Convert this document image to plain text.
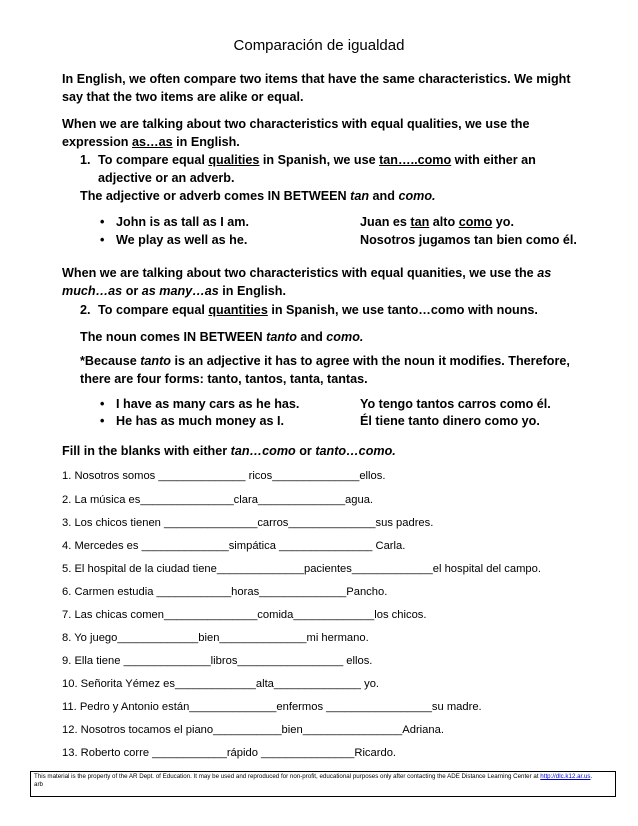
Comparación de igualdad
In English, we often compare two items that have the same characteristics. We might
say that the two items are alike or equal.
When we are talking about two characteristics with equal qualities, we use the
expression as…as in English.
1. To compare equal qualities in Spanish, we use tan…..como with either an
adjective or an adverb.
The adjective or adverb comes IN BETWEEN tan and como.
• John is as tall as I am.	Juan es tan alto como yo.
• We play as well as he.	Nosotros jugamos tan bien como él.
When we are talking about two characteristics with equal quanities, we use the as
much…as or as many…as in English.
2. To compare equal quantities in Spanish, we use tanto…como with nouns.
The noun comes IN BETWEEN tanto and como.
*Because tanto is an adjective it has to agree with the noun it modifies. Therefore,
there are four forms: tanto, tantos, tanta, tantas.
• I have as many cars as he has.	Yo tengo tantos carros como él.
• He has as much money as I.	Él tiene tanto dinero como yo.
Fill in the blanks with either tan…como or tanto…como.
1. Nosotros somos ______________ ricos______________ellos.
2. La música es_______________clara______________agua.
3. Los chicos tienen _______________carros______________sus padres.
4. Mercedes es ______________simpática _______________ Carla.
5. El hospital de la ciudad tiene______________pacientes_____________el hospital del campo.
6. Carmen estudia ____________horas______________Pancho.
7. Las chicas comen_______________comida_____________los chicos.
8. Yo juego_____________bien______________mi hermano.
9. Ella tiene ______________libros_________________ ellos.
10. Señorita Yémez es_____________alta______________ yo.
11. Pedro y Antonio están______________enfermos _________________su madre.
12. Nosotros tocamos el piano___________bien________________Adriana.
13. Roberto corre ____________rápido _______________Ricardo.
This material is the property of the AR Dept. of Education. It may be used and reproduced for non-profit, educational purposes only after contacting the ADE Distance Learning Center at http://dlc.k12.ar.us.
arb
